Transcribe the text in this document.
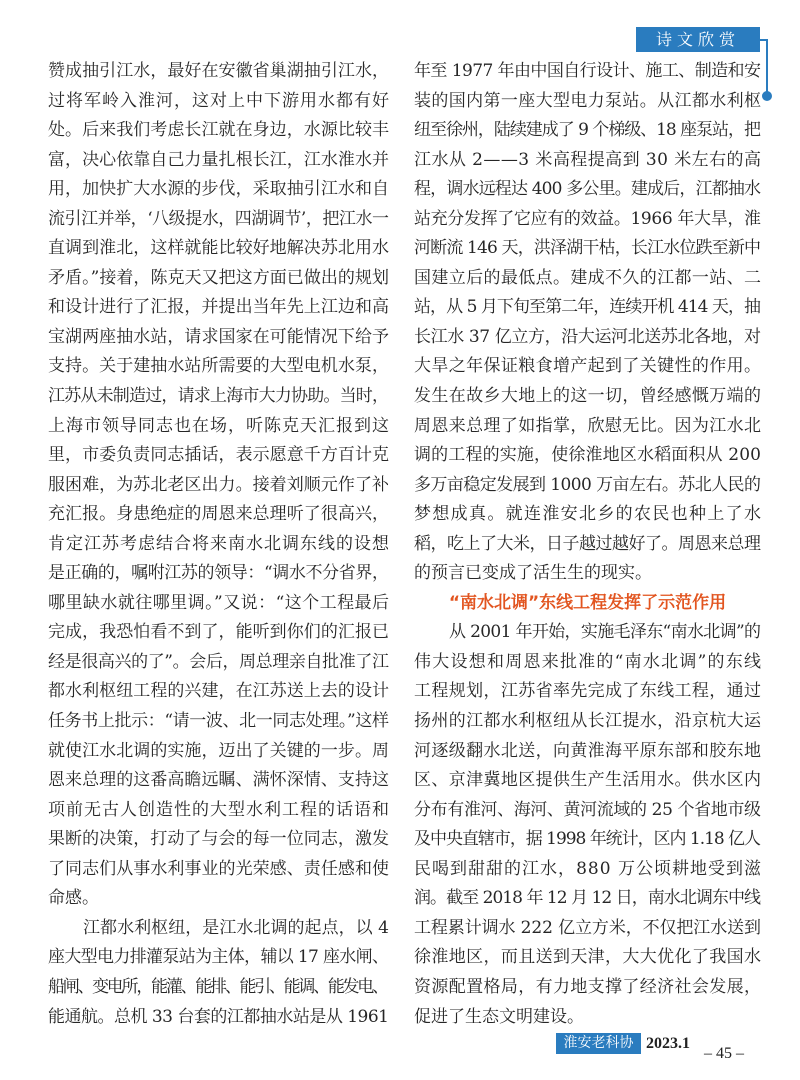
诗文欣赏
赞成抽引江水，最好在安徽省巢湖抽引江水，
过将军岭入淮河，这对上中下游用水都有好
处。后来我们考虑长江就在身边，水源比较丰
富，决心依靠自己力量扎根长江，江水淮水并
用，加快扩大水源的步伐，采取抽引江水和自
流引江并举，‘八级提水，四湖调节’，把江水一
直调到淮北，这样就能比较好地解决苏北用水
矛盾。”接着，陈克天又把这方面已做出的规划
和设计进行了汇报，并提出当年先上江边和高
宝湖两座抽水站，请求国家在可能情况下给予
支持。关于建抽水站所需要的大型电机水泵，
江苏从未制造过，请求上海市大力协助。当时，
上海市领导同志也在场，听陈克天汇报到这
里，市委负责同志插话，表示愿意千方百计克
服困难，为苏北老区出力。接着刘顺元作了补
充汇报。身患绝症的周恩来总理听了很高兴，
肯定江苏考虑结合将来南水北调东线的设想
是正确的，嘱咐江苏的领导：“调水不分省界，
哪里缺水就往哪里调。”又说：“这个工程最后
完成，我恐怕看不到了，能听到你们的汇报已
经是很高兴的了”。会后，周总理亲自批准了江
都水利枢纽工程的兴建，在江苏送上去的设计
任务书上批示：“请一波、北一同志处理。”这样
就使江水北调的实施，迈出了关键的一步。周
恩来总理的这番高瞻远瞩、满怀深情、支持这
项前无古人创造性的大型水利工程的话语和
果断的决策，打动了与会的每一位同志，激发
了同志们从事水利事业的光荣感、责任感和使
命感。
江都水利枢纽，是江水北调的起点，以 4
座大型电力排灌泵站为主体，辅以 17 座水闸、
船闸、变电所，能灌、能排、能引、能调、能发电、
能通航。总机 33 台套的江都抽水站是从 1961
年至 1977 年由中国自行设计、施工、制造和安
装的国内第一座大型电力泵站。从江都水利枢
纽至徐州，陆续建成了 9 个梯级、18 座泵站，把
江水从 2——3 米高程提高到 30 米左右的高
程，调水远程达 400 多公里。建成后，江都抽水
站充分发挥了它应有的效益。1966 年大旱，淮
河断流 146 天，洪泽湖干枯，长江水位跌至新中
国建立后的最低点。建成不久的江都一站、二
站，从 5 月下旬至第二年，连续开机 414 天，抽
长江水 37 亿立方，沿大运河北送苏北各地，对
大旱之年保证粮食增产起到了关键性的作用。
发生在故乡大地上的这一切，曾经感慨万端的
周恩来总理了如指掌，欣慰无比。因为江水北
调的工程的实施，使徐淮地区水稻面积从 200
多万亩稳定发展到 1000 万亩左右。苏北人民的
梦想成真。就连淮安北乡的农民也种上了水
稻，吃上了大米，日子越过越好了。周恩来总理
的预言已变成了活生生的现实。
“南水北调”东线工程发挥了示范作用
从 2001 年开始，实施毛泽东“南水北调”的
伟大设想和周恩来批准的“南水北调”的东线
工程规划，江苏省率先完成了东线工程，通过
扬州的江都水利枢纽从长江提水，沿京杭大运
河逐级翻水北送，向黄淮海平原东部和胶东地
区、京津冀地区提供生产生活用水。供水区内
分布有淮河、海河、黄河流域的 25 个省地市级
及中央直辖市，据 1998 年统计，区内 1.18 亿人
民喝到甜甜的江水，880 万公顷耕地受到滋
润。截至 2018 年 12 月 12 日，南水北调东中线
工程累计调水 222 亿立方米，不仅把江水送到
徐淮地区，而且送到天津，大大优化了我国水
资源配置格局，有力地支撑了经济社会发展，
促进了生态文明建设。
淮安老科协 2023.1
– 45 –
